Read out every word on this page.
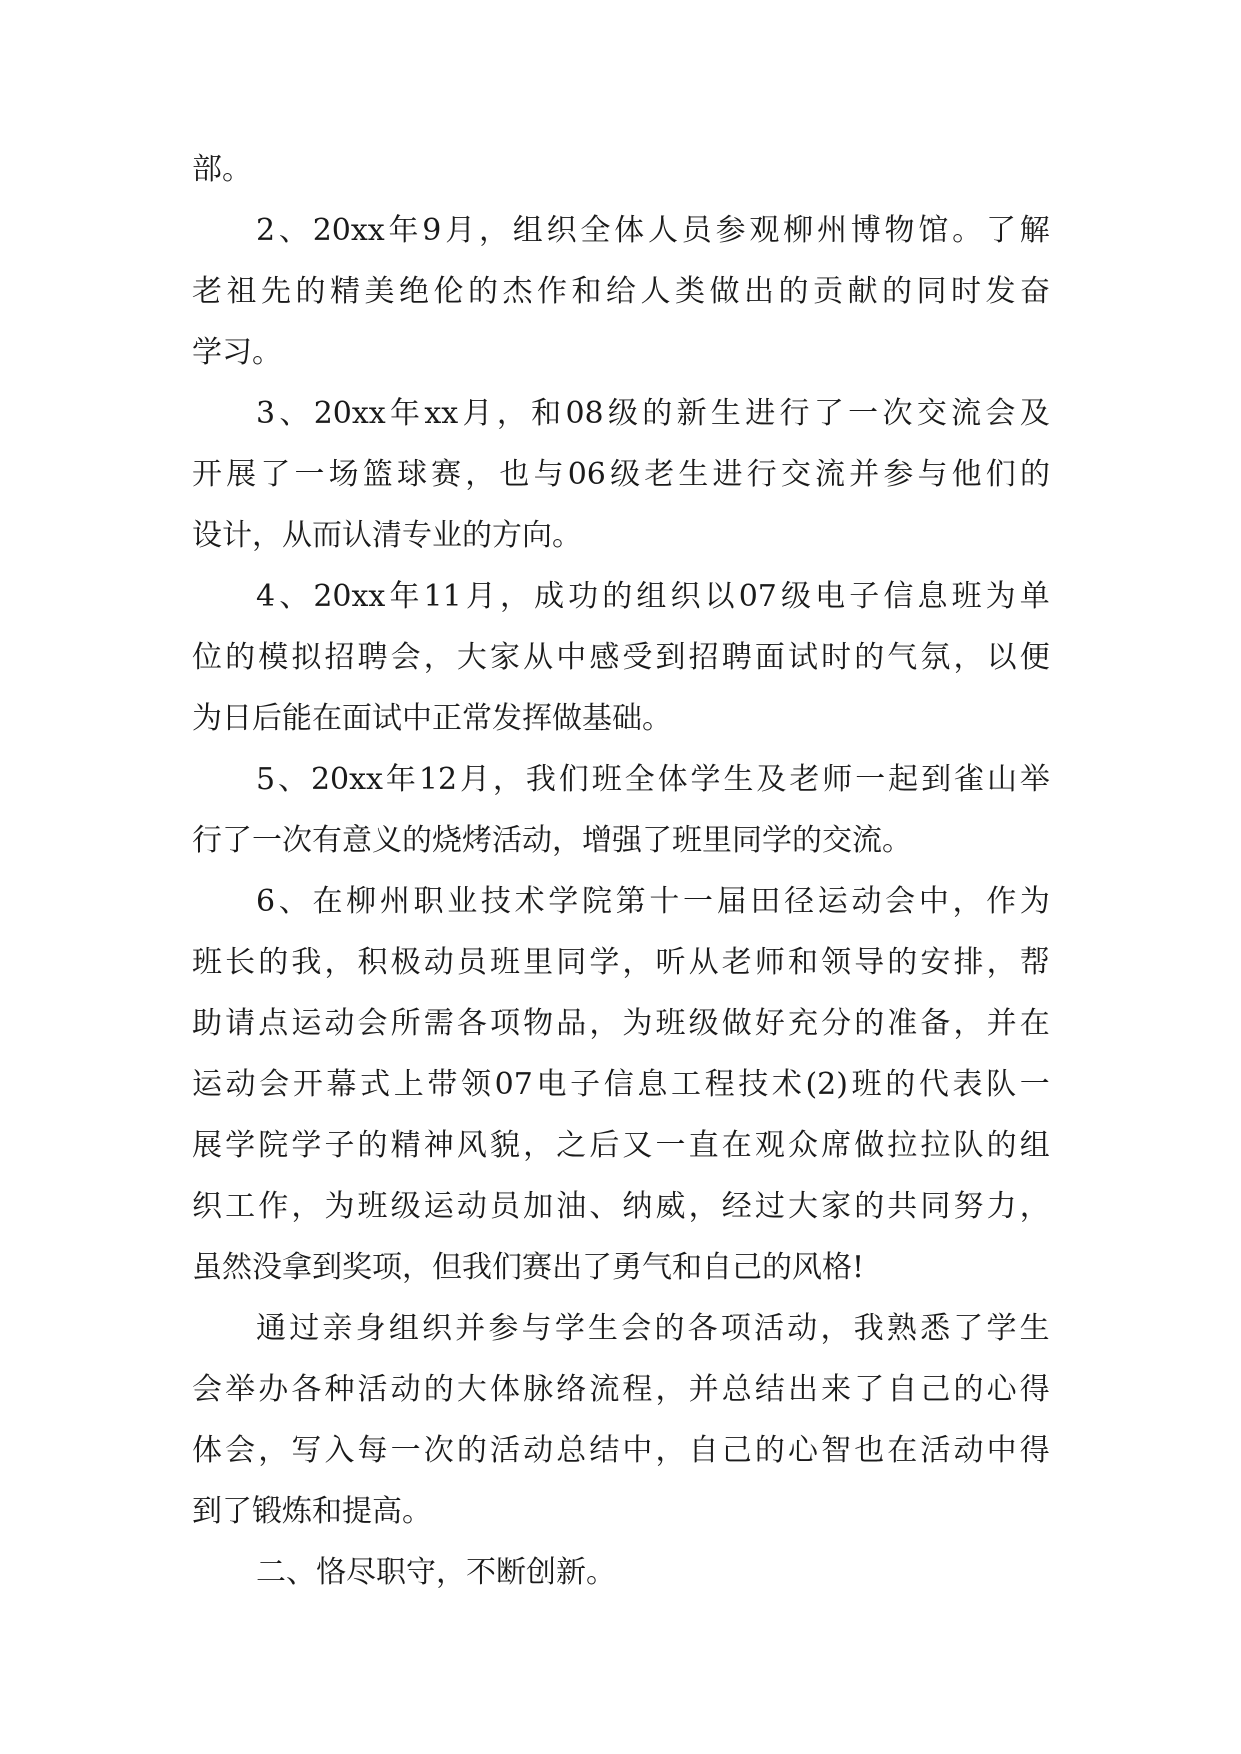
部。
2 、 20xx 年 9 月 ， 组 织 全 体 人 员 参 观 柳 州 博 物 馆 。 了 解
老 祖 先 的 精 美 绝 伦 的 杰 作 和 给 人 类 做 出 的 贡 献 的 同 时 发 奋
学习。
3 、 20xx 年 xx 月 ， 和 08 级 的 新 生 进 行 了 一 次 交 流 会 及
开 展 了 一 场 篮 球 赛 ， 也 与 06 级 老 生 进 行 交 流 并 参 与 他 们 的
设计，从而认清专业的方向。
4 、 20xx 年 11 月 ， 成 功 的 组 织 以 07 级 电 子 信 息 班 为 单
位 的 模 拟 招 聘 会 ， 大 家 从 中 感 受 到 招 聘 面 试 时 的 气 氛 ， 以 便
为日后能在面试中正常发挥做基础。
5 、 20xx 年 12 月 ， 我 们 班 全 体 学 生 及 老 师 一 起 到 雀 山 举
行了一次有意义的烧烤活动，增强了班里同学的交流。
6 、 在 柳 州 职 业 技 术 学 院 第 十 一 届 田 径 运 动 会 中 ， 作 为
班 长 的 我 ， 积 极 动 员 班 里 同 学 ， 听 从 老 师 和 领 导 的 安 排 ， 帮
助 请 点 运 动 会 所 需 各 项 物 品 ， 为 班 级 做 好 充 分 的 准 备 ， 并 在
运 动 会 开 幕 式 上 带 领 07 电 子 信 息 工 程 技 术 (2) 班 的 代 表 队 一
展 学 院 学 子 的 精 神 风 貌 ， 之 后 又 一 直 在 观 众 席 做 拉 拉 队 的 组
织 工 作 ， 为 班 级 运 动 员 加 油 、 纳 威 ， 经 过 大 家 的 共 同 努 力 ，
虽然没拿到奖项，但我们赛出了勇气和自己的风格!
通 过 亲 身 组 织 并 参 与 学 生 会 的 各 项 活 动 ， 我 熟 悉 了 学 生
会 举 办 各 种 活 动 的 大 体 脉 络 流 程 ， 并 总 结 出 来 了 自 己 的 心 得
体 会 ， 写 入 每 一 次 的 活 动 总 结 中 ， 自 己 的 心 智 也 在 活 动 中 得
到了锻炼和提高。
二、恪尽职守，不断创新。
